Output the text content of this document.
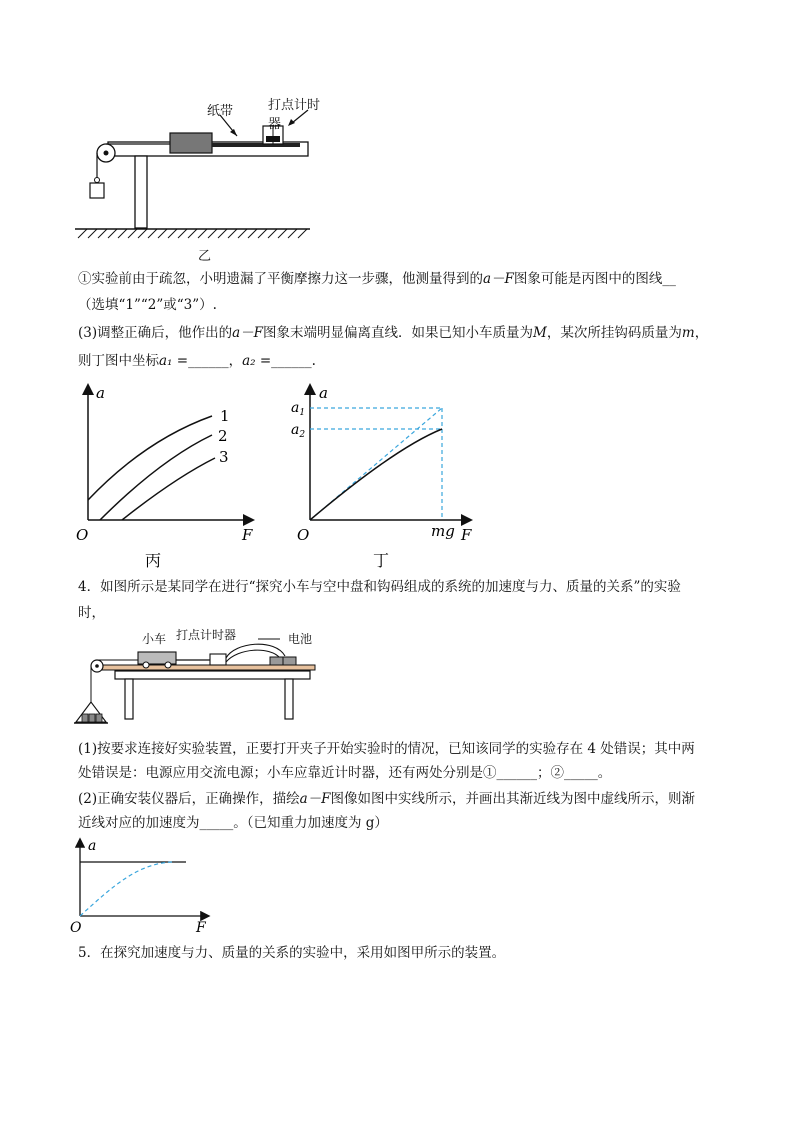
纸带	打点计时器
乙
①实验前由于疏忽，小明遗漏了平衡摩擦力这一步骤，他测量得到的a－F图象可能是丙图中的图线__
（选填“1”“2”或“3”）.
(3)调整正确后，他作出的a－F图象末端明显偏离直线．如果已知小车质量为M，某次所挂钩码质量为m，
则丁图中坐标a₁ =______，a₂ =______.
a
F
O
1
2
3
丙
a
$a_1$
$a_2$
mg F
O
丁
4．如图所示是某同学在进行“探究小车与空中盘和钩码组成的系统的加速度与力、质量的关系”的实验
时，
小车 打点计时器	电池
(1)按要求连接好实验装置，正要打开夹子开始实验时的情况，已知该同学的实验存在 4 处错误；其中两
处错误是：电源应用交流电源；小车应靠近计时器，还有两处分别是①______；②_____。
(2)正确安装仪器后，正确操作，描绘a－F图像如图中实线所示，并画出其渐近线为图中虚线所示，则渐
近线对应的加速度为_____。（已知重力加速度为 g）
a
F
O
5．在探究加速度与力、质量的关系的实验中，采用如图甲所示的装置。
